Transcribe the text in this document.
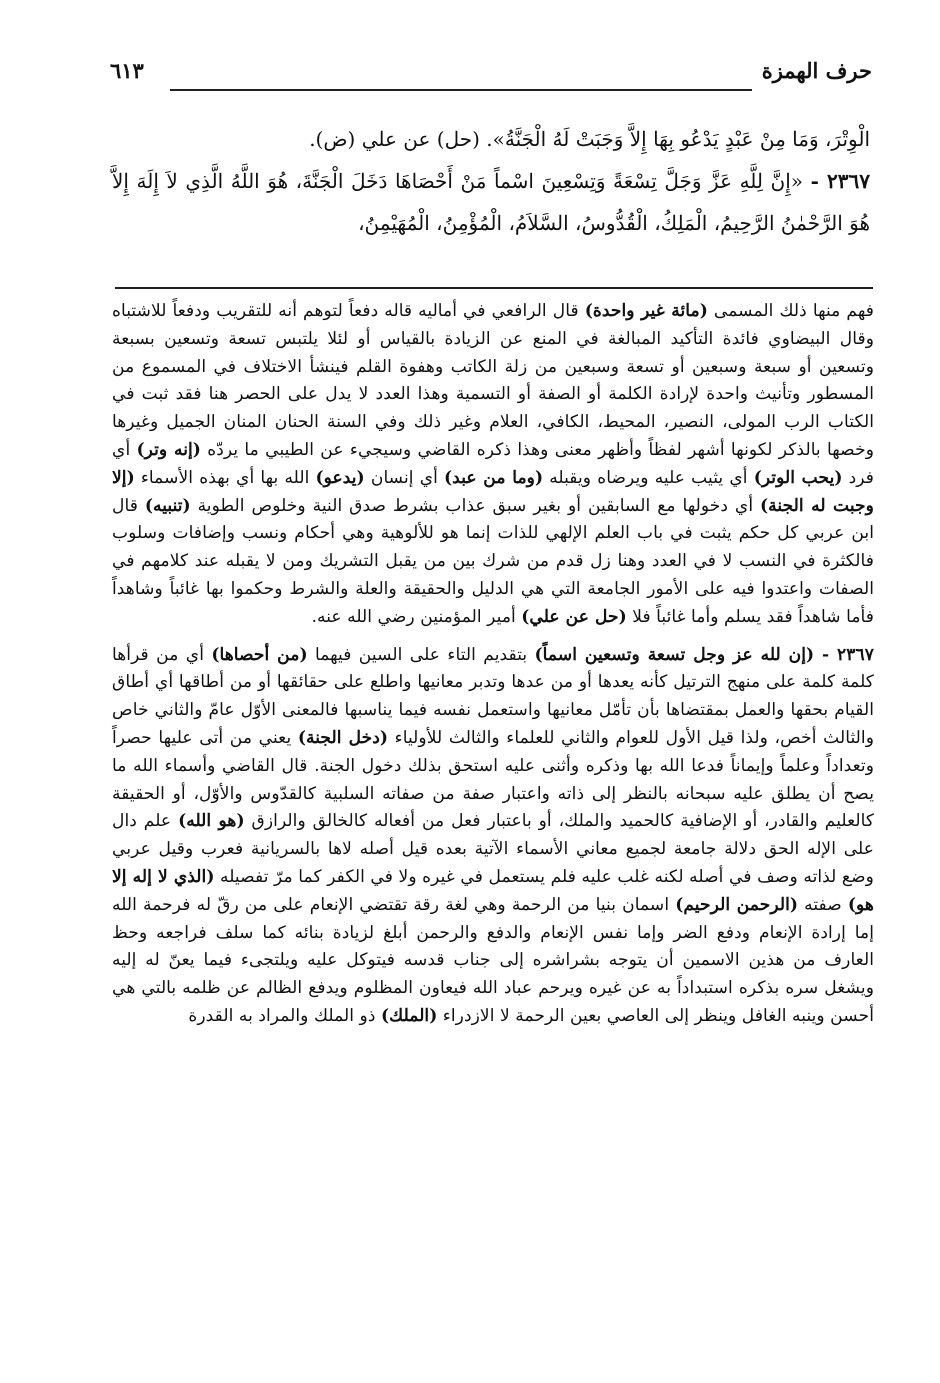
حرف الهمزة
٦١٣

الْوِتْرَ، وَمَا مِنْ عَبْدٍ يَدْعُو بِهَا إِلاَّ وَجَبَتْ لَهُ الْجَنَّةُ». (حل) عن علي (ض).

٢٣٦٧ - «إِنَّ لِلَّهِ عَزَّ وَجَلَّ تِسْعَةً وَتِسْعِينَ اسْماً مَنْ أَحْصَاهَا دَخَلَ الْجَنَّةَ، هُوَ اللَّهُ الَّذِي لاَ إِلَهَ إِلاَّ هُوَ الرَّحْمٰنُ الرَّحِيمُ، الْمَلِكُ، الْقُدُّوسُ، السَّلاَمُ، الْمُؤْمِنُ، الْمُهَيْمِنُ،

فهم منها ذلك المسمى (مائة غير واحدة) قال الرافعي في أماليه قاله دفعاً لتوهم أنه للتقريب ودفعاً للاشتباه وقال البيضاوي فائدة التأكيد المبالغة في المنع عن الزيادة بالقياس أو لئلا يلتبس تسعة وتسعين بسبعة وتسعين أو سبعة وسبعين أو تسعة وسبعين من زلة الكاتب وهفوة القلم فينشأ الاختلاف في المسموع من المسطور وتأنيث واحدة لإرادة الكلمة أو الصفة أو التسمية وهذا العدد لا يدل على الحصر هنا فقد ثبت في الكتاب الرب المولى، النصير، المحيط، الكافي، العلام وغير ذلك وفي السنة الحنان المنان الجميل وغيرها وخصها بالذكر لكونها أشهر لفظاً وأظهر معنى وهذا ذكره القاضي وسيجيء عن الطيبي ما يردّه (إنه وتر) أي فرد (يحب الوتر) أي يثيب عليه ويرضاه ويقبله (وما من عبد) أي إنسان (يدعو) الله بها أي بهذه الأسماء (إلا وجبت له الجنة) أي دخولها مع السابقين أو بغير سبق عذاب بشرط صدق النية وخلوص الطوية (تنبيه) قال ابن عربي كل حكم يثبت في باب العلم الإلهي للذات إنما هو للألوهية وهي أحكام ونسب وإضافات وسلوب فالكثرة في النسب لا في العدد وهنا زل قدم من شرك بين من يقبل التشريك ومن لا يقبله عند كلامهم في الصفات واعتدوا فيه على الأمور الجامعة التي هي الدليل والحقيقة والعلة والشرط وحكموا بها غائباً وشاهداً فأما شاهداً فقد يسلم وأما غائباً فلا (حل عن علي) أمير المؤمنين رضي الله عنه.

٢٣٦٧ - (إن لله عز وجل تسعة وتسعين اسماً) بتقديم التاء على السين فيهما (من أحصاها) أي من قرأها كلمة كلمة على منهج الترتيل كأنه يعدها أو من عدها وتدبر معانيها واطلع على حقائقها أو من أطاقها أي أطاق القيام بحقها والعمل بمقتضاها بأن تأمّل معانيها واستعمل نفسه فيما يناسبها فالمعنى الأوّل عامّ والثاني خاص والثالث أخص، ولذا قيل الأول للعوام والثاني للعلماء والثالث للأولياء (دخل الجنة) يعني من أتى عليها حصراً وتعداداً وعلماً وإيماناً فدعا الله بها وذكره وأثنى عليه استحق بذلك دخول الجنة. قال القاضي وأسماء الله ما يصح أن يطلق عليه سبحانه بالنظر إلى ذاته واعتبار صفة من صفاته السلبية كالقدّوس والأوّل، أو الحقيقة كالعليم والقادر، أو الإضافية كالحميد والملك، أو باعتبار فعل من أفعاله كالخالق والرازق (هو الله) علم دال على الإله الحق دلالة جامعة لجميع معاني الأسماء الآتية بعده قيل أصله لاها بالسريانية فعرب وقيل عربي وضع لذاته وصف في أصله لكنه غلب عليه فلم يستعمل في غيره ولا في الكفر كما مرّ تفصيله (الذي لا إله إلا هو) صفته (الرحمن الرحيم) اسمان بنيا من الرحمة وهي لغة رقة تقتضي الإنعام على من رقّ له فرحمة الله إما إرادة الإنعام ودفع الضر وإما نفس الإنعام والدفع والرحمن أبلغ لزيادة بنائه كما سلف فراجعه وحظ العارف من هذين الاسمين أن يتوجه بشراشره إلى جناب قدسه فيتوكل عليه ويلتجىء فيما يعنّ له إليه ويشغل سره بذكره استبداداً به عن غيره ويرحم عباد الله فيعاون المظلوم ويدفع الظالم عن ظلمه بالتي هي أحسن وينبه الغافل وينظر إلى العاصي بعين الرحمة لا الازدراء (الملك) ذو الملك والمراد به القدرة
